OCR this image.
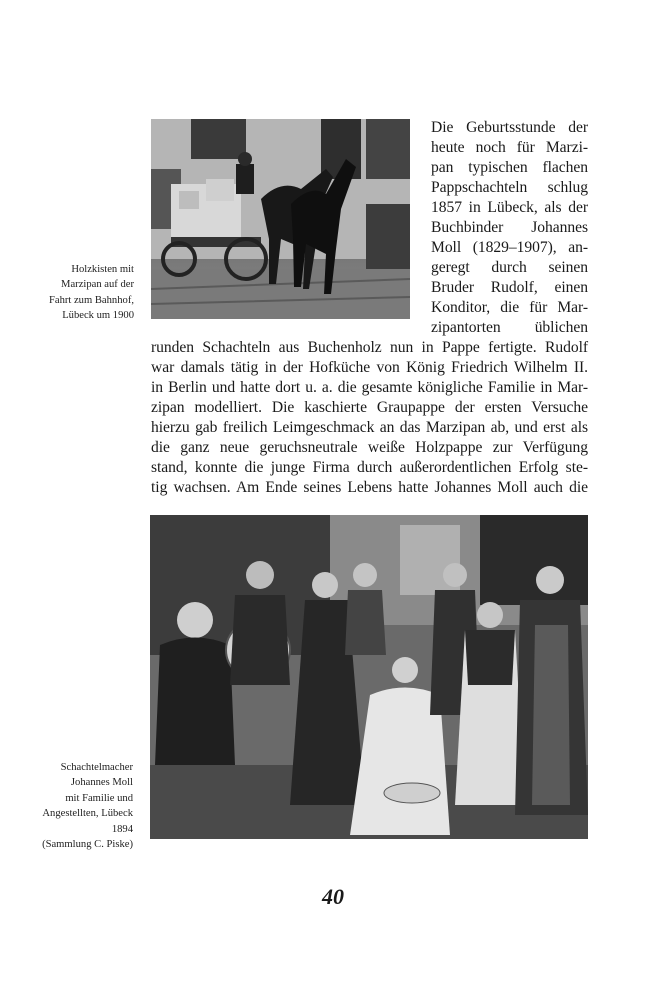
Holzkisten mit
Marzipan auf der
Fahrt zum Bahnhof,
Lübeck um 1900
Schachtelmacher
Johannes Moll
mit Familie und
Angestellten, Lübeck
1894
(Sammlung C. Piske)
Die Geburtsstunde der
heute noch für Marzi-
pan typischen flachen
Pappschachteln schlug
1857 in Lübeck, als der
Buchbinder Johannes
Moll (1829–1907), an-
geregt durch seinen
Bruder Rudolf, einen
Konditor, die für Mar-
zipantorten üblichen
runden Schachteln aus Buchenholz nun in Pappe fertigte. Rudolf
war damals tätig in der Hofküche von König Friedrich Wilhelm II.
in Berlin und hatte dort u. a. die gesamte königliche Familie in Mar-
zipan modelliert. Die kaschierte Graupappe der ersten Versuche
hierzu gab freilich Leimgeschmack an das Marzipan ab, und erst als
die ganz neue geruchsneutrale weiße Holzpappe zur Verfügung
stand, konnte die junge Firma durch außerordentlichen Erfolg ste-
tig wachsen. Am Ende seines Lebens hatte Johannes Moll auch die
40
